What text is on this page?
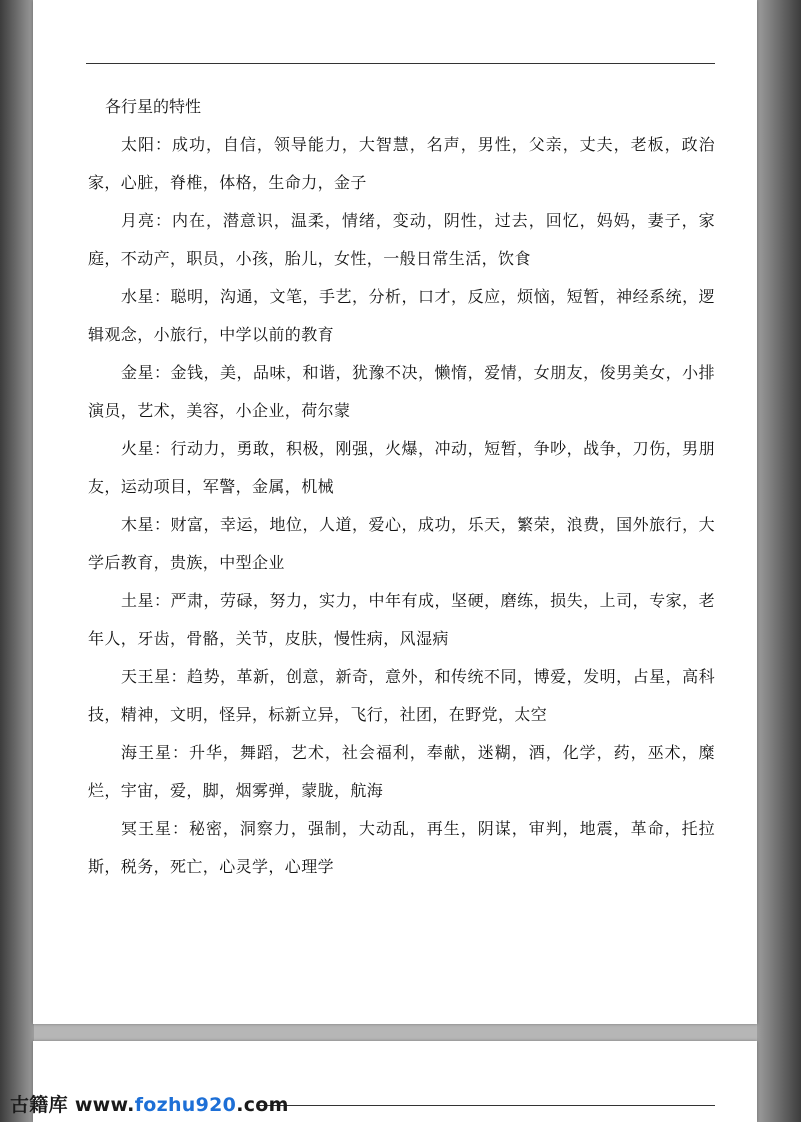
各行星的特性

太阳：成功，自信，领导能力，大智慧，名声，男性，父亲，丈夫，老板，政治家，心脏，脊椎，体格，生命力，金子

月亮：内在，潜意识，温柔，情绪，变动，阴性，过去，回忆，妈妈，妻子，家庭，不动产，职员，小孩，胎儿，女性，一般日常生活，饮食

水星：聪明，沟通，文笔，手艺，分析，口才，反应，烦恼，短暂，神经系统，逻辑观念，小旅行，中学以前的教育

金星：金钱，美，品味，和谐，犹豫不决，懒惰，爱情，女朋友，俊男美女，小排演员，艺术，美容，小企业，荷尔蒙

火星：行动力，勇敢，积极，刚强，火爆，冲动，短暂，争吵，战争，刀伤，男朋友，运动项目，军警，金属，机械

木星：财富，幸运，地位，人道，爱心，成功，乐天，繁荣，浪费，国外旅行，大学后教育，贵族，中型企业

土星：严肃，劳碌，努力，实力，中年有成，坚硬，磨练，损失，上司，专家，老年人，牙齿，骨骼，关节，皮肤，慢性病，风湿病

天王星：趋势，革新，创意，新奇，意外，和传统不同，博爱，发明，占星，高科技，精神，文明，怪异，标新立异，飞行，社团，在野党，太空

海王星：升华，舞蹈，艺术，社会福利，奉献，迷糊，酒，化学，药，巫术，糜烂，宇宙，爱，脚，烟雾弹，蒙胧，航海

冥王星：秘密，洞察力，强制，大动乱，再生，阴谋，审判，地震，革命，托拉斯，税务，死亡，心灵学，心理学

古籍库 www.fozhu920.com
